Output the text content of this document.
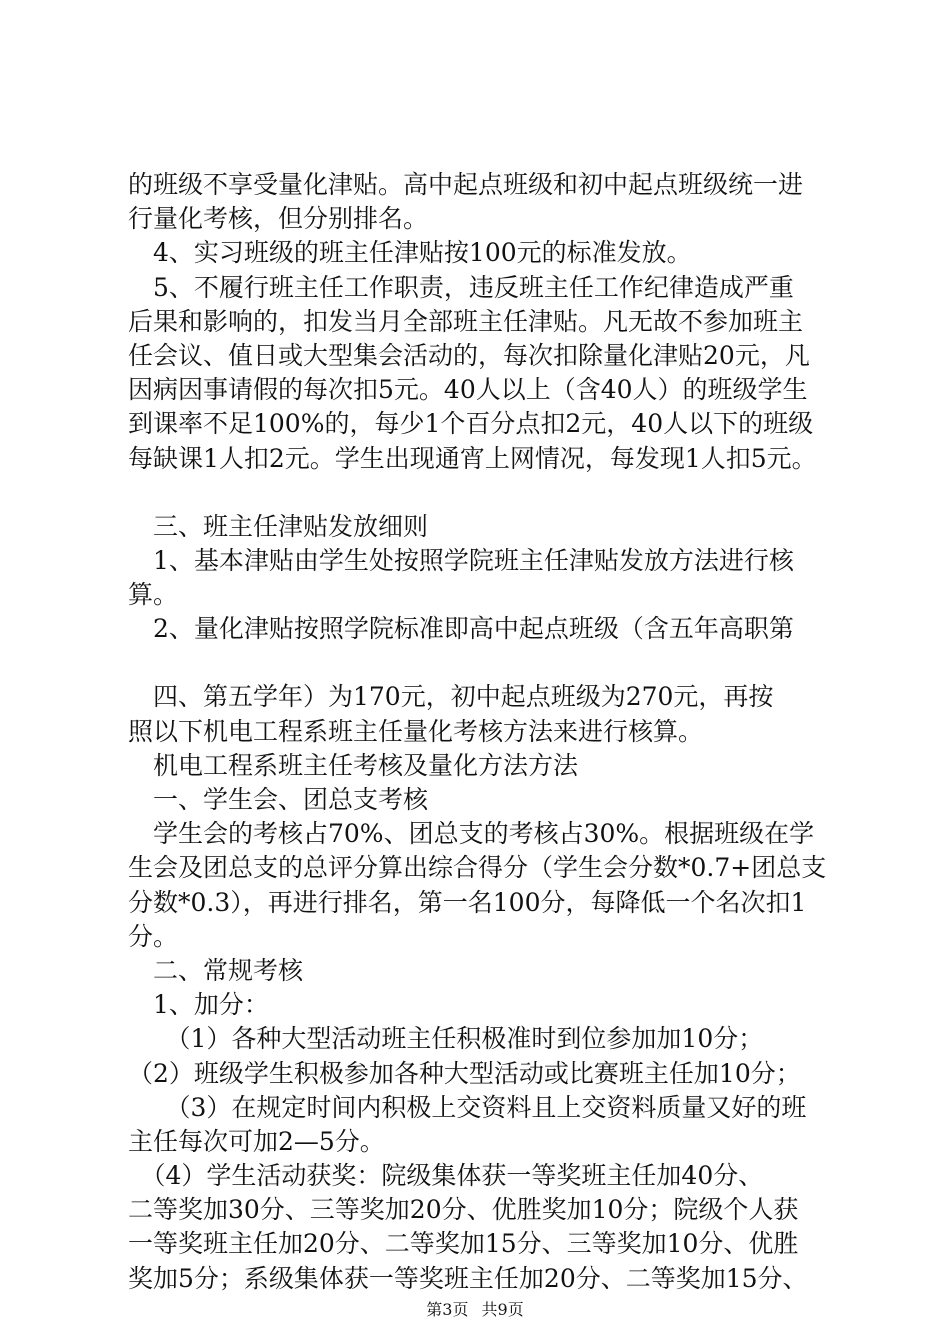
的班级不享受量化津贴。高中起点班级和初中起点班级统一进
行量化考核，但分别排名。
　4、实习班级的班主任津贴按100元的标准发放。
　5、不履行班主任工作职责，违反班主任工作纪律造成严重
后果和影响的，扣发当月全部班主任津贴。凡无故不参加班主
任会议、值日或大型集会活动的，每次扣除量化津贴20元，凡
因病因事请假的每次扣5元。40人以上（含40人）的班级学生
到课率不足100%的，每少1个百分点扣2元，40人以下的班级
每缺课1人扣2元。学生出现通宵上网情况，每发现1人扣5元。
　三、班主任津贴发放细则
　1、基本津贴由学生处按照学院班主任津贴发放方法进行核
算。
　2、量化津贴按照学院标准即高中起点班级（含五年高职第
　四、第五学年）为170元，初中起点班级为270元，再按
照以下机电工程系班主任量化考核方法来进行核算。
　机电工程系班主任考核及量化方法方法
　一、学生会、团总支考核
　学生会的考核占70%、团总支的考核占30%。根据班级在学
生会及团总支的总评分算出综合得分（学生会分数*0.7+团总支
分数*0.3），再进行排名，第一名100分，每降低一个名次扣1
分。
　二、常规考核
　1、加分：
　　（1）各种大型活动班主任积极准时到位参加加10分；
（2）班级学生积极参加各种大型活动或比赛班主任加10分；
　　（3）在规定时间内积极上交资料且上交资料质量又好的班
主任每次可加2—5分。
　（4）学生活动获奖：院级集体获一等奖班主任加40分、
二等奖加30分、三等奖加20分、优胜奖加10分；院级个人获
一等奖班主任加20分、二等奖加15分、三等奖加10分、优胜
奖加5分；系级集体获一等奖班主任加20分、二等奖加15分、
第3页 共9页
